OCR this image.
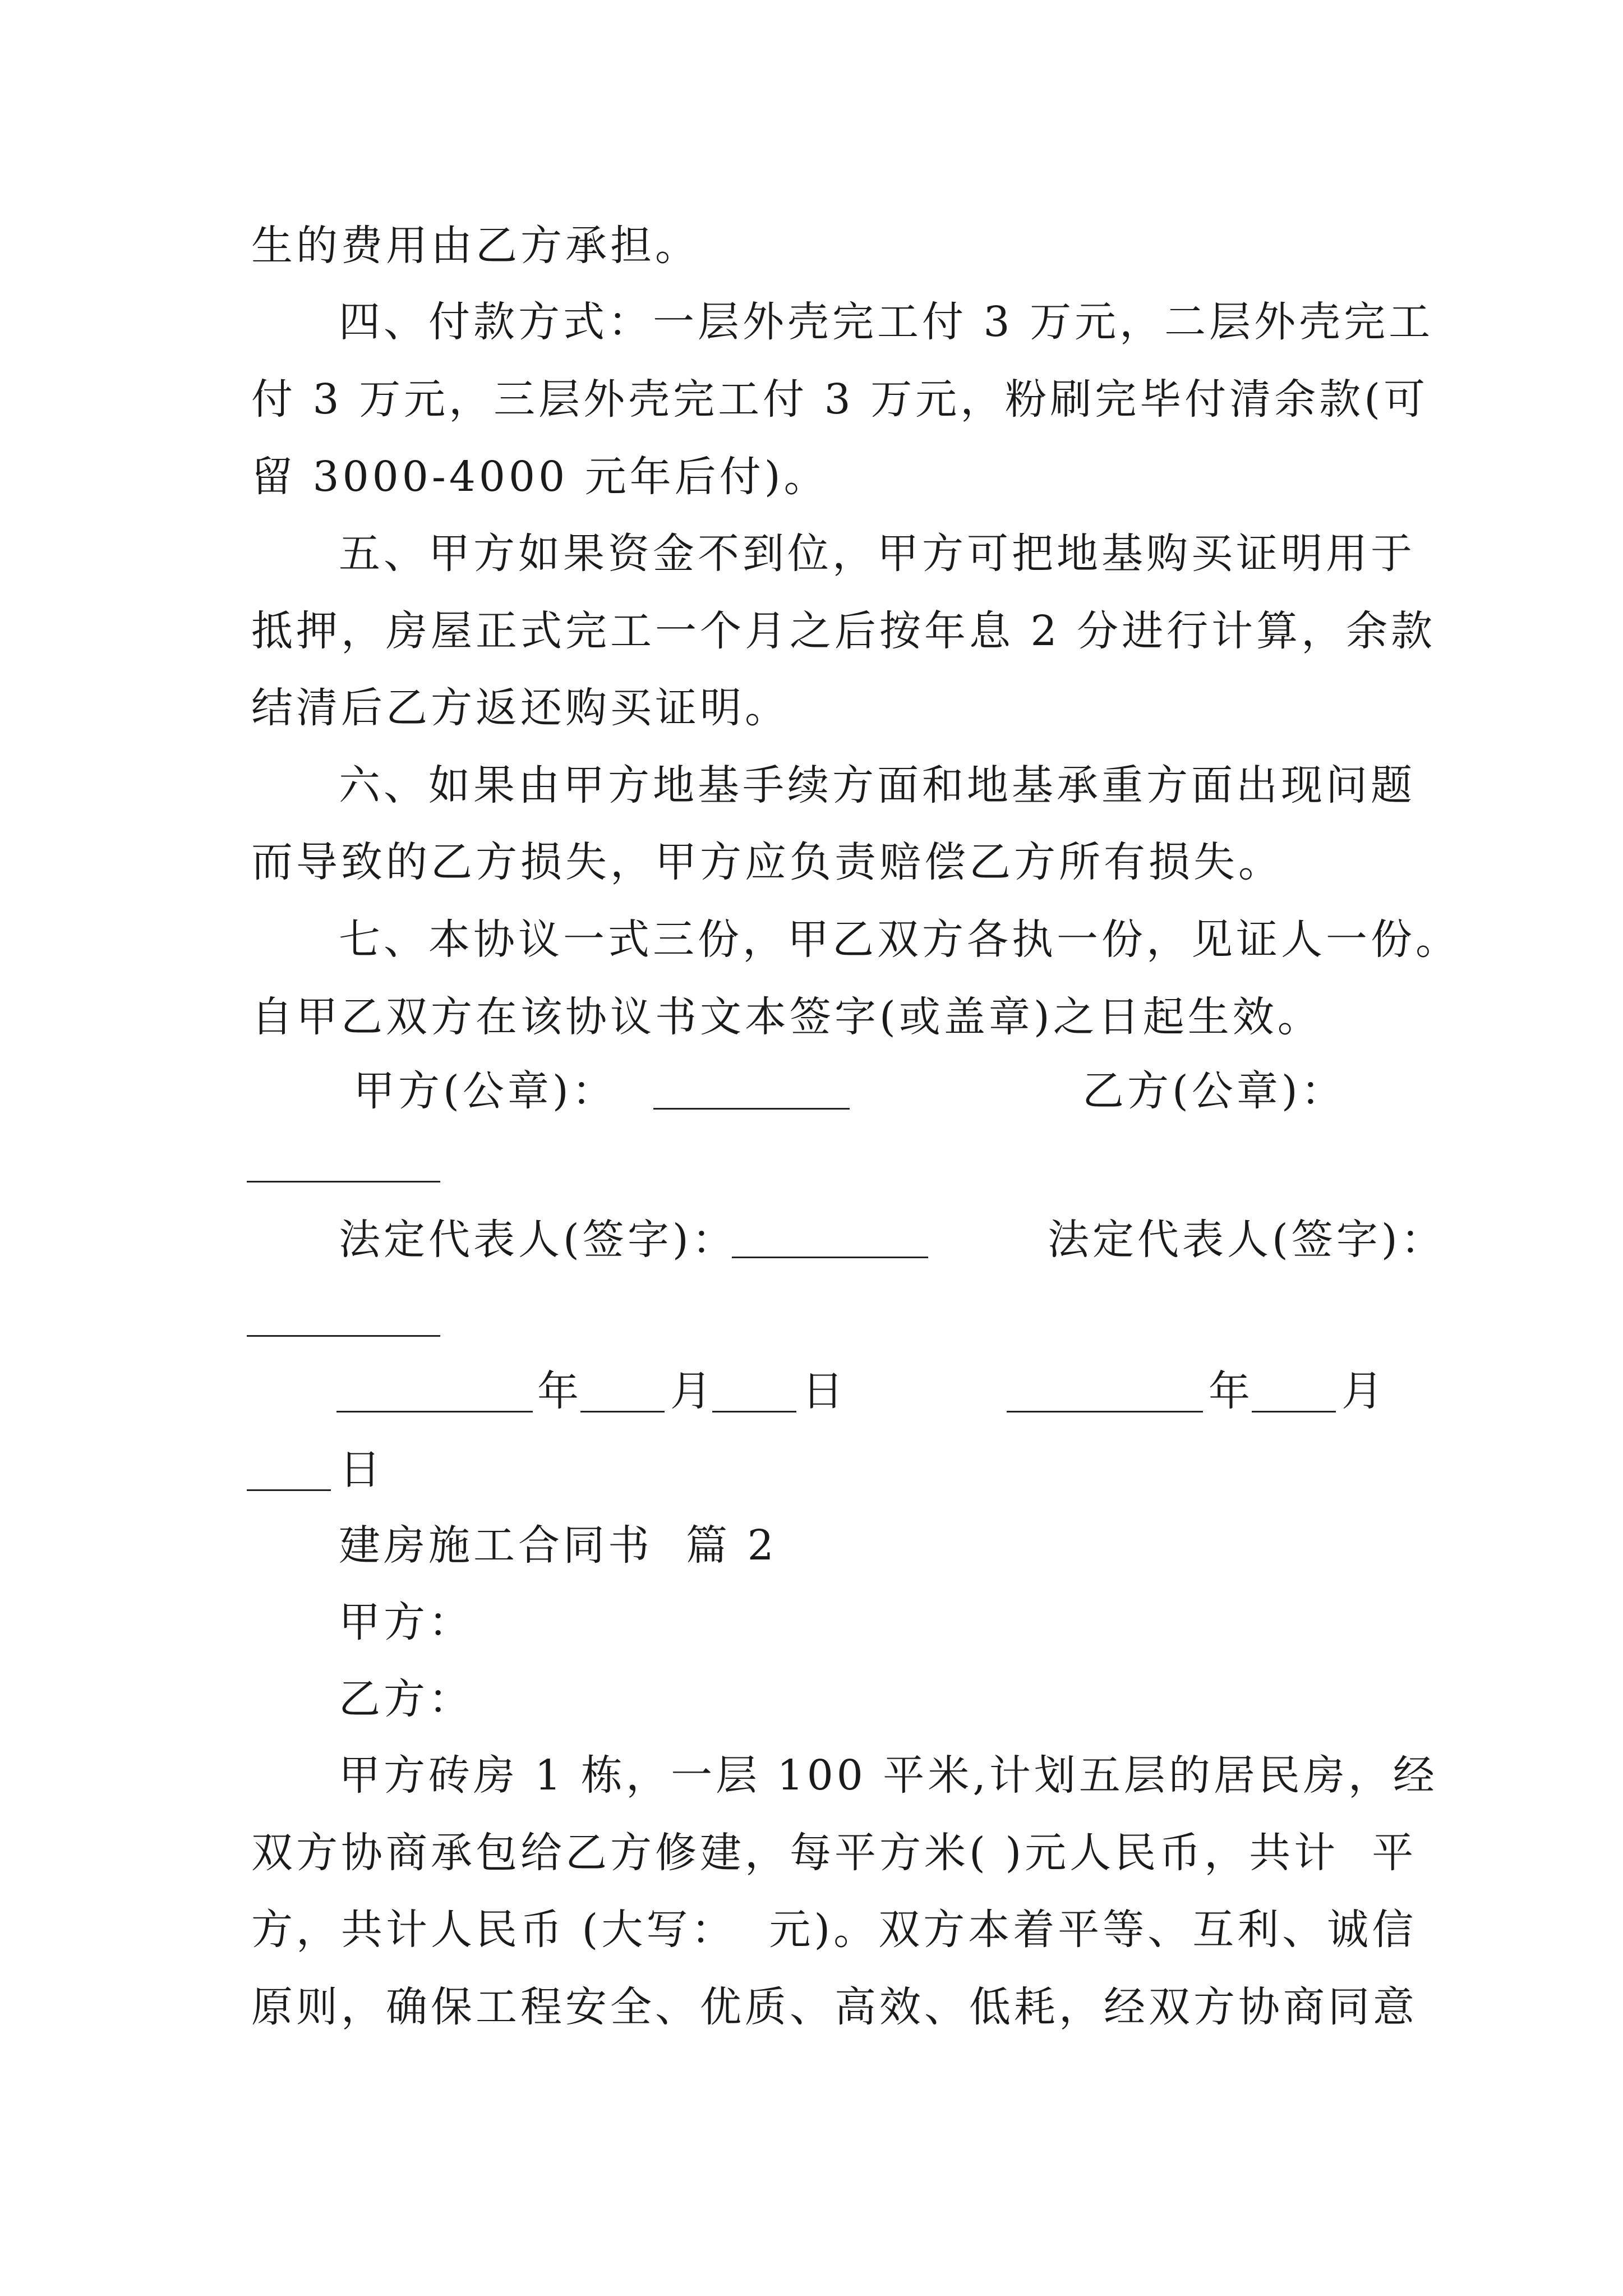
生的费用由乙方承担。
四、付款方式：一层外壳完工付 3 万元，二层外壳完工
付 3 万元，三层外壳完工付 3 万元，粉刷完毕付清余款(可
留 3000-4000 元年后付)。
五、甲方如果资金不到位，甲方可把地基购买证明用于
抵押，房屋正式完工一个月之后按年息 2 分进行计算，余款
结清后乙方返还购买证明。
六、如果由甲方地基手续方面和地基承重方面出现问题
而导致的乙方损失，甲方应负责赔偿乙方所有损失。
七、本协议一式三份，甲乙双方各执一份，见证人一份。
自甲乙双方在该协议书文本签字(或盖章)之日起生效。
甲方(公章)：	乙方(公章)：
法定代表人(签字)：	法定代表人(签字)：
年 月 日	年 月
日
建房施工合同书  篇 2
甲方：
乙方：
甲方砖房 1 栋，一层 100 平米,计划五层的居民房，经
双方协商承包给乙方修建，每平方米( )元人民币，共计  平
方，共计人民币 (大写：  元)。双方本着平等、互利、诚信
原则，确保工程安全、优质、高效、低耗，经双方协商同意
